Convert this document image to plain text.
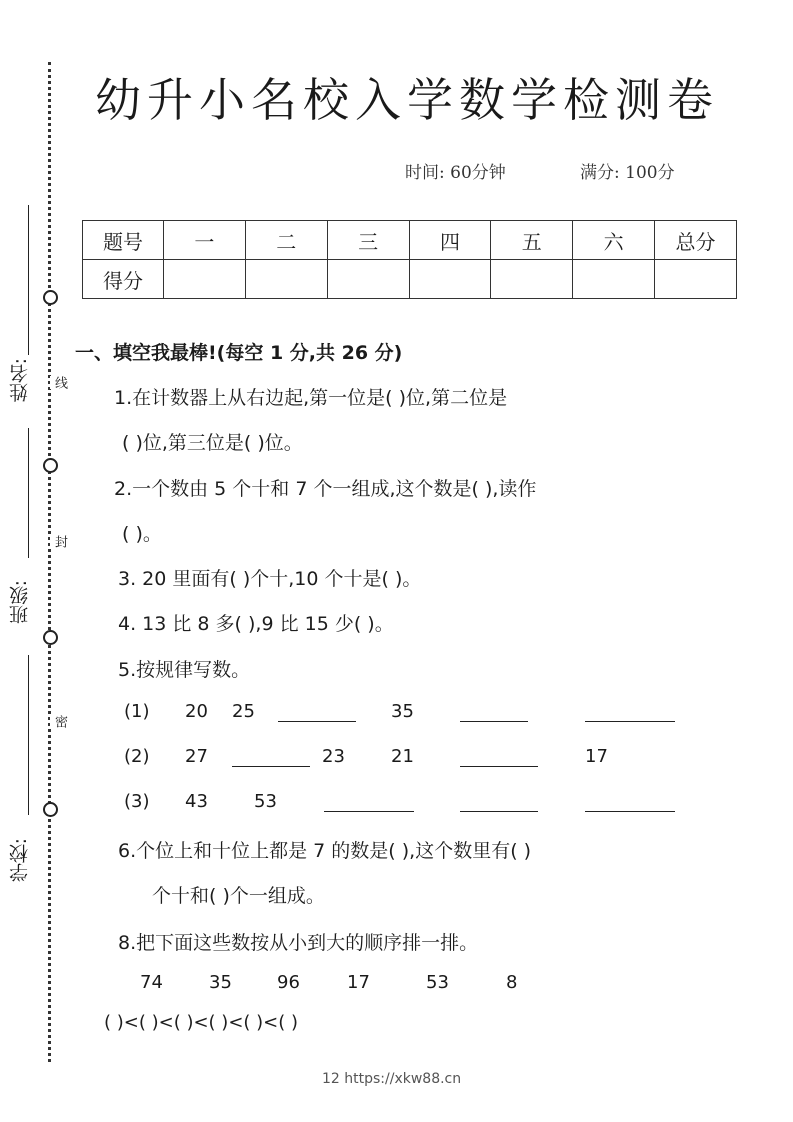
姓名:
班级:
学校:
线
封
密
幼升小名校入学数学检测卷
时间: 60分钟	满分: 100分
题号	一	二	三	四	五	六	总分
得分							
一、填空我最棒!(每空 1 分,共 26 分)
1.在计数器上从右边起,第一位是( )位,第二位是
( )位,第三位是( )位。
2.一个数由 5 个十和 7 个一组成,这个数是( ),读作
( )。
3. 20 里面有( )个十,10 个十是( )。
4. 13 比 8 多( ),9 比 15 少( )。
5.按规律写数。
(1) 20 25	35
(2) 27	23	21	17
(3) 43	53
6.个位上和十位上都是 7 的数是( ),这个数里有( )
个十和( )个一组成。
8.把下面这些数按从小到大的顺序排一排。
74	35	96	17	53	8
( )<( )<( )<( )<( )<( )
12 https://xkw88.cn
